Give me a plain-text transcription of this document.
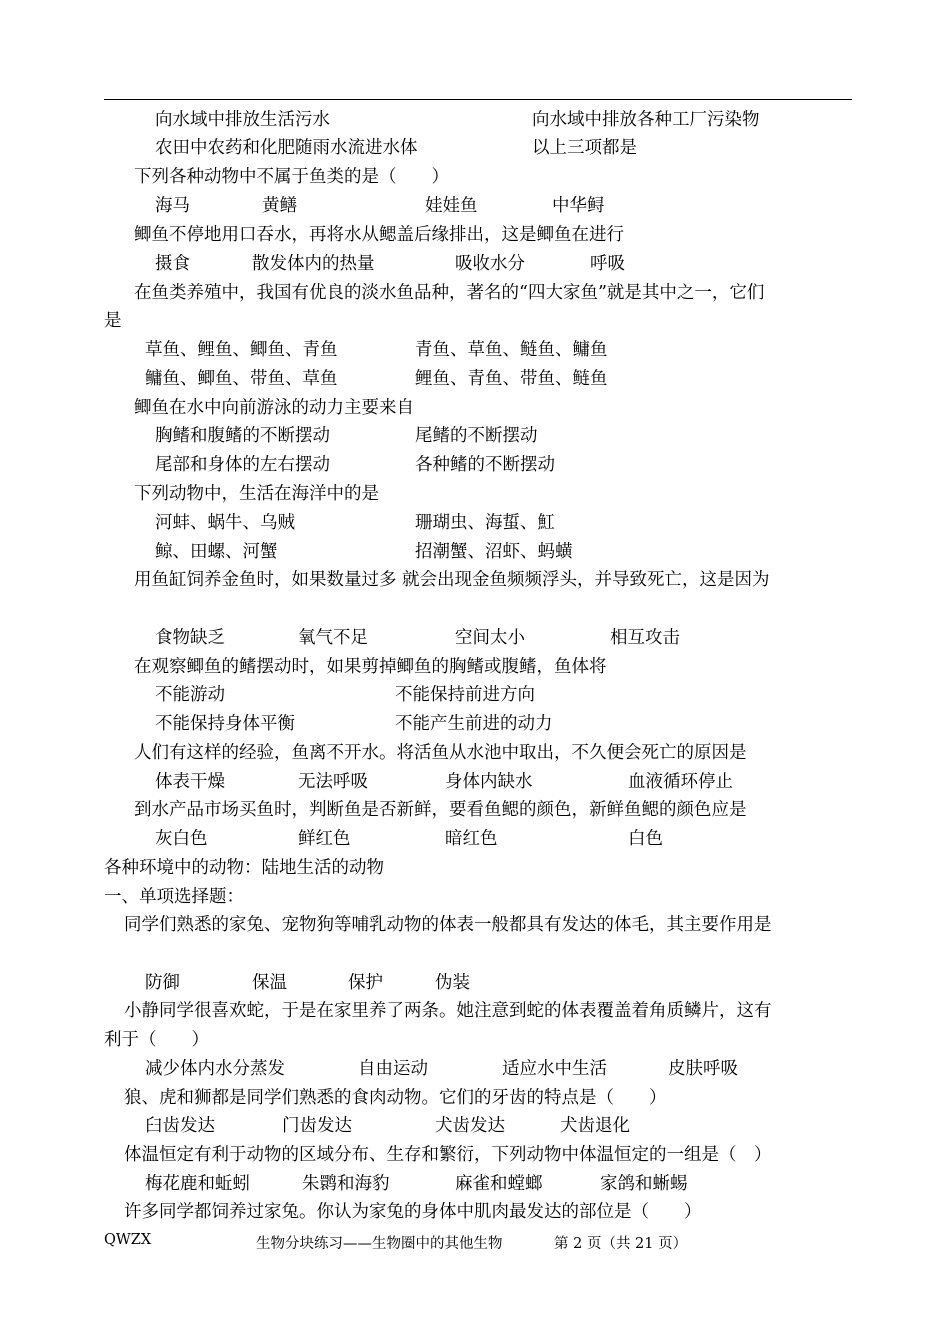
向水域中排放生活污水	向水域中排放各种工厂污染物
农田中农药和化肥随雨水流进水体	以上三项都是
下列各种动物中不属于鱼类的是（　　）
海马	黄鳝	娃娃鱼	中华鲟
鲫鱼不停地用口吞水，再将水从鳃盖后缘排出，这是鲫鱼在进行
摄食	散发体内的热量	吸收水分	呼吸
在鱼类养殖中，我国有优良的淡水鱼品种，著名的“四大家鱼”就是其中之一，它们
是
草鱼、鲤鱼、鲫鱼、青鱼	青鱼、草鱼、鲢鱼、鳙鱼
鳙鱼、鲫鱼、带鱼、草鱼	鲤鱼、青鱼、带鱼、鲢鱼
鲫鱼在水中向前游泳的动力主要来自
胸鳍和腹鳍的不断摆动	尾鳍的不断摆动
尾部和身体的左右摆动	各种鳍的不断摆动
下列动物中，生活在海洋中的是
河蚌、蜗牛、乌贼	珊瑚虫、海蜇、魟
鲸、田螺、河蟹	招潮蟹、沼虾、蚂蟥
用鱼缸饲养金鱼时，如果数量过多 就会出现金鱼频频浮头，并导致死亡，这是因为
食物缺乏	氧气不足	空间太小	相互攻击
在观察鲫鱼的鳍摆动时，如果剪掉鲫鱼的胸鳍或腹鳍，鱼体将
不能游动	不能保持前进方向
不能保持身体平衡	不能产生前进的动力
人们有这样的经验，鱼离不开水。将活鱼从水池中取出，不久便会死亡的原因是
体表干燥	无法呼吸	身体内缺水	血液循环停止
到水产品市场买鱼时，判断鱼是否新鲜，要看鱼鳃的颜色，新鲜鱼鳃的颜色应是
灰白色	鲜红色	暗红色	白色
各种环境中的动物：陆地生活的动物
一、单项选择题：
同学们熟悉的家兔、宠物狗等哺乳动物的体表一般都具有发达的体毛，其主要作用是
防御	保温	保护	伪装
小静同学很喜欢蛇，于是在家里养了两条。她注意到蛇的体表覆盖着角质鳞片，这有
利于（　　）
减少体内水分蒸发	自由运动	适应水中生活	皮肤呼吸
狼、虎和狮都是同学们熟悉的食肉动物。它们的牙齿的特点是（　　）
臼齿发达	门齿发达	犬齿发达	犬齿退化
体温恒定有利于动物的区域分布、生存和繁衍，下列动物中体温恒定的一组是（　）
梅花鹿和蚯蚓	朱鹮和海豹	麻雀和螳螂	家鸽和蜥蜴
许多同学都饲养过家兔。你认为家兔的身体中肌肉最发达的部位是（　　）
QWZX	生物分块练习——生物圈中的其他生物	第 2 页（共 21 页）
